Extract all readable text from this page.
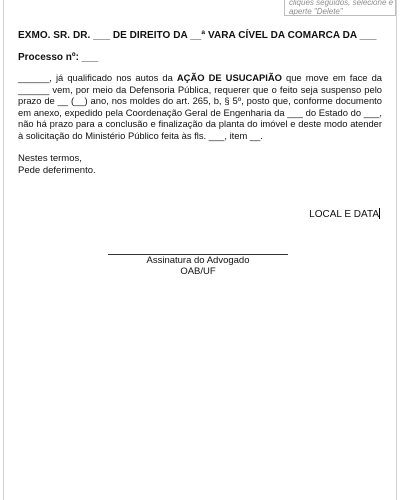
cliques seguidos, selecione e
aperte "Delete"
EXMO. SR. DR. ___ DE DIREITO DA __ª VARA CÍVEL DA COMARCA DA ___
Processo nº: ___
______, já qualificado nos autos da AÇÃO DE USUCAPIÃO que move em face da ______ vem, por meio da Defensoria Pública, requerer que o feito seja suspenso pelo prazo de __ (__) ano, nos moldes do art. 265, b, § 5º, posto que, conforme documento em anexo, expedido pela Coordenação Geral de Engenharia da ___ do Estado do ___, não há prazo para a conclusão e finalização da planta do imóvel e deste modo atender à solicitação do Ministério Público feita às fls. ___, item __.
Nestes termos,
Pede deferimento.
LOCAL E DATA
Assinatura do Advogado
OAB/UF
